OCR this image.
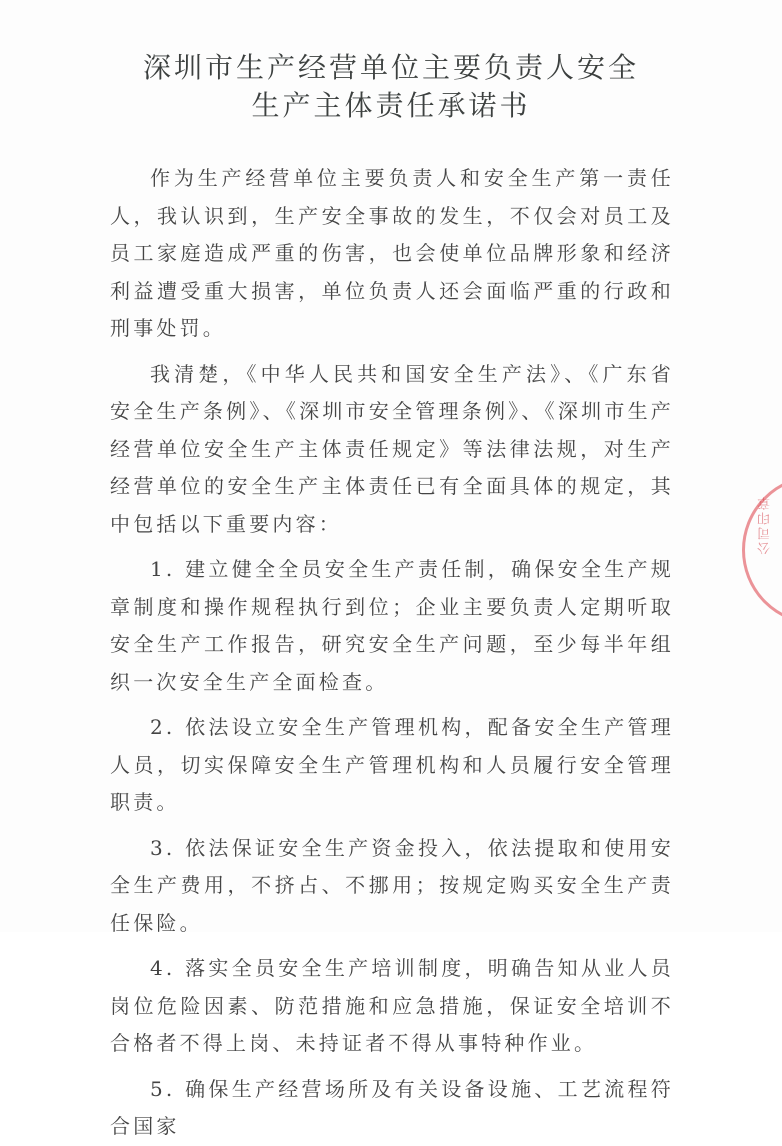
深圳市生产经营单位主要负责人安全
生产主体责任承诺书

作为生产经营单位主要负责人和安全生产第一责任人，我认识到，生产安全事故的发生，不仅会对员工及员工家庭造成严重的伤害，也会使单位品牌形象和经济利益遭受重大损害，单位负责人还会面临严重的行政和刑事处罚。

我清楚，《中华人民共和国安全生产法》、《广东省安全生产条例》、《深圳市安全管理条例》、《深圳市生产经营单位安全生产主体责任规定》等法律法规，对生产经营单位的安全生产主体责任已有全面具体的规定，其中包括以下重要内容：

1. 建立健全全员安全生产责任制，确保安全生产规章制度和操作规程执行到位；企业主要负责人定期听取安全生产工作报告，研究安全生产问题，至少每半年组织一次安全生产全面检查。

2. 依法设立安全生产管理机构，配备安全生产管理人员，切实保障安全生产管理机构和人员履行安全管理职责。

3. 依法保证安全生产资金投入，依法提取和使用安全生产费用，不挤占、不挪用；按规定购买安全生产责任保险。

4. 落实全员安全生产培训制度，明确告知从业人员岗位危险因素、防范措施和应急措施，保证安全培训不合格者不得上岗、未持证者不得从事特种作业。

5. 确保生产经营场所及有关设备设施、工艺流程符合国家

公司印章
